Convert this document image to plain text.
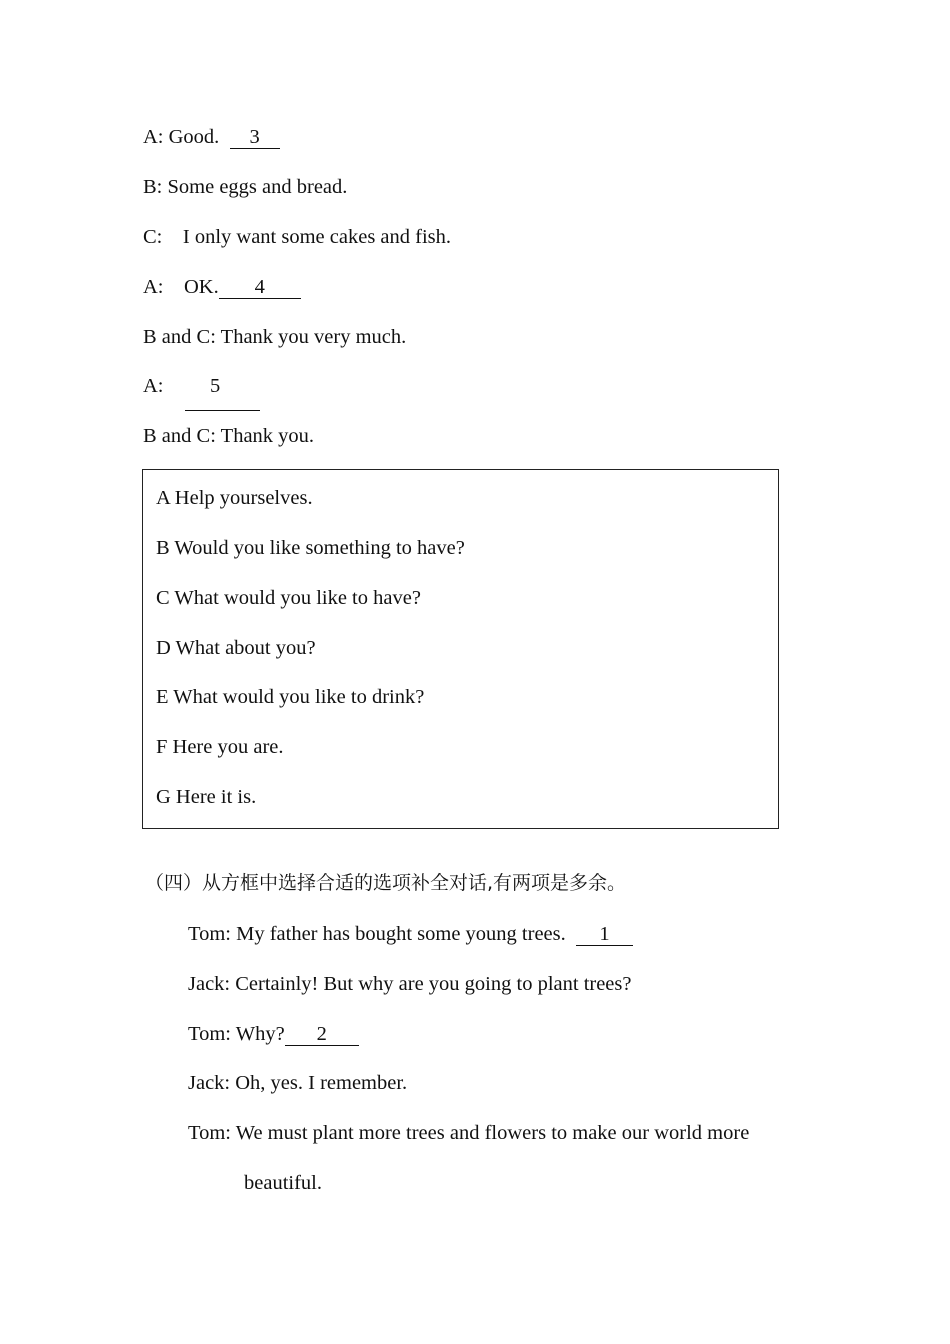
A: Good. 3
B: Some eggs and bread.
C: I only want some cakes and fish.
A: OK. 4
B and C: Thank you very much.
A: 5
B and C: Thank you.
A Help yourselves.
B Would you like something to have?
C What would you like to have?
D What about you?
E What would you like to drink?
F Here you are.
G Here it is.
（四）从方框中选择合适的选项补全对话,有两项是多余。
Tom: My father has bought some young trees. 1
Jack: Certainly! But why are you going to plant trees?
Tom: Why? 2
Jack: Oh, yes. I remember.
Tom: We must plant more trees and flowers to make our world more
beautiful.
